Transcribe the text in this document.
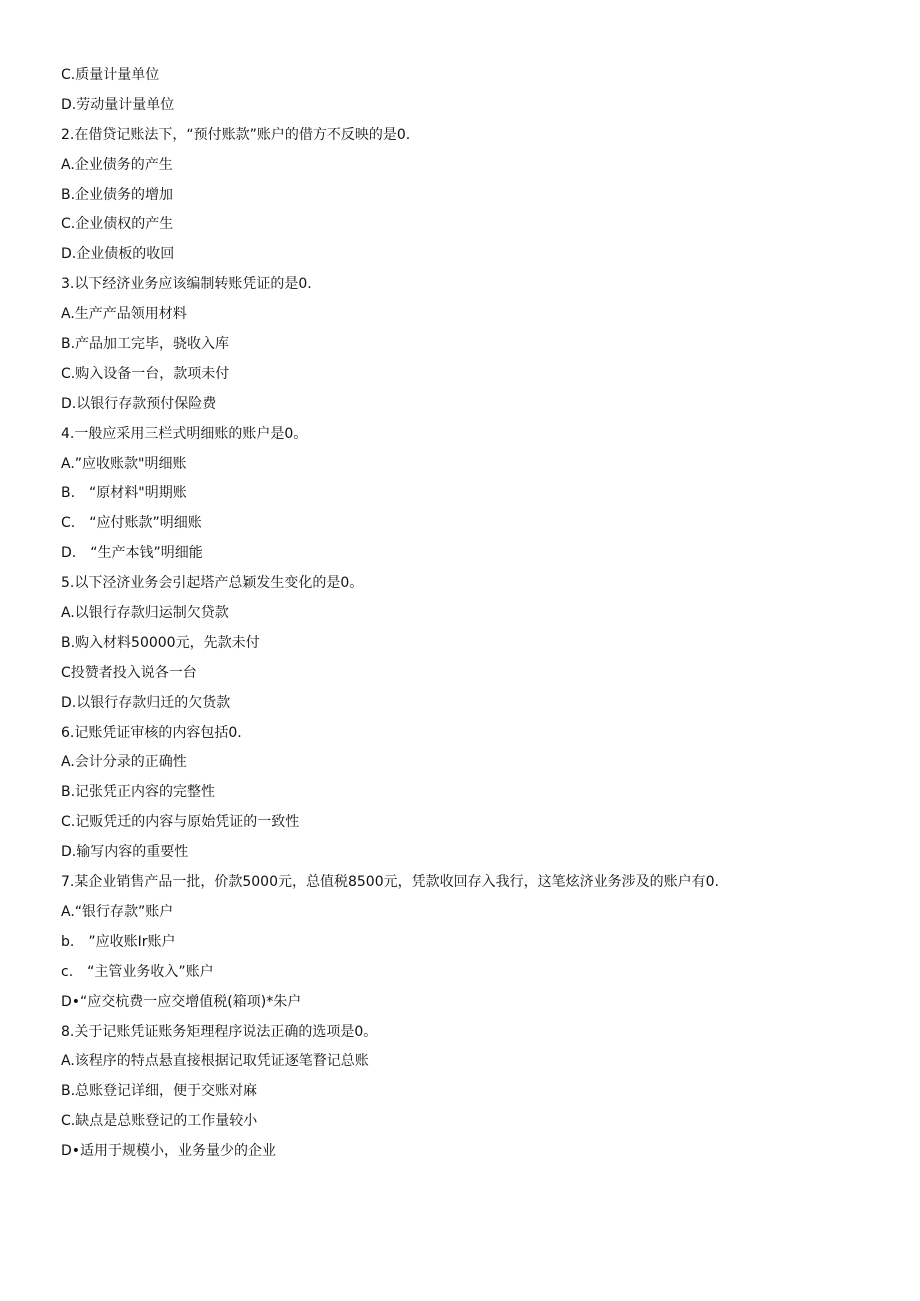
C.质量计量单位
D.劳动量计量单位
2.在借贷记账法下，“预付账款”账户的借方不反映的是0.
A.企业债务的产生
B.企业债务的增加
C.企业债权的产生
D.企业债板的收回
3.以下经济业务应该编制转账凭证的是0.
A.生产产品领用材料
B.产品加工完毕，骁收入库
C.购入设备一台，款项未付
D.以银行存款预付保险费
4.一般应采用三栏式明细账的账户是0。
A.”应收账款"明细账
B.　“原材料"明期账
C.　“应付账款”明细账
D.　“生产本钱”明细能
5.以下泾济业务会引起塔产总颖发生变化的是0。
A.以银行存款归运制欠贷款
B.购入材料50000元，先款未付
C投赞者投入说各一台
D.以银行存款归迁的欠货款
6.记账凭证审核的内容包括0.
A.会计分录的正确性
B.记张凭正内容的完整性
C.记贩凭迁的内容与原始凭证的一致性
D.输写内容的重要性
7.某企业销售产品一批，价款5000元，总值税8500元，凭款收回存入我行，这笔炫济业务涉及的账户有0.
A.“银行存款”账户
b.　”应收账Ir账户
c.　“主管业务收入”账户
D•“应交杭费一应交增值税(箱项)*朱户
8.关于记账凭证账务矩理程序说法正确的选项是0。
A.该程序的特点悬直接根据记取凭证逐笔瞀记总账
B.总账登记详细，便于交账对麻
C.缺点是总账登记的工作量较小
D•适用于规模小，业务量少的企业
